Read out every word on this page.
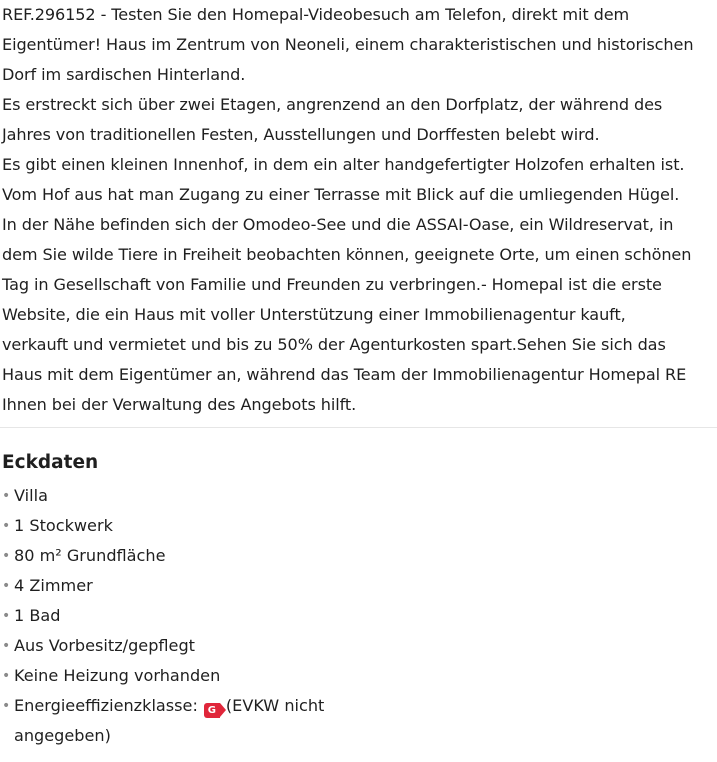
REF.296152 - Testen Sie den Homepal-Videobesuch am Telefon, direkt mit dem
Eigentümer! Haus im Zentrum von Neoneli, einem charakteristischen und historischen
Dorf im sardischen Hinterland.
Es erstreckt sich über zwei Etagen, angrenzend an den Dorfplatz, der während des
Jahres von traditionellen Festen, Ausstellungen und Dorffesten belebt wird.
Es gibt einen kleinen Innenhof, in dem ein alter handgefertigter Holzofen erhalten ist.
Vom Hof aus hat man Zugang zu einer Terrasse mit Blick auf die umliegenden Hügel.
In der Nähe befinden sich der Omodeo-See und die ASSAI-Oase, ein Wildreservat, in
dem Sie wilde Tiere in Freiheit beobachten können, geeignete Orte, um einen schönen
Tag in Gesellschaft von Familie und Freunden zu verbringen.- Homepal ist die erste
Website, die ein Haus mit voller Unterstützung einer Immobilienagentur kauft,
verkauft und vermietet und bis zu 50% der Agenturkosten spart.Sehen Sie sich das
Haus mit dem Eigentümer an, während das Team der Immobilienagentur Homepal RE
Ihnen bei der Verwaltung des Angebots hilft.
Eckdaten
• Villa
• 1 Stockwerk
• 80 m² Grundfläche
• 4 Zimmer
• 1 Bad
• Aus Vorbesitz/gepflegt
• Keine Heizung vorhanden
• Energieeffizienzklasse: G (EVKW nicht angegeben)
